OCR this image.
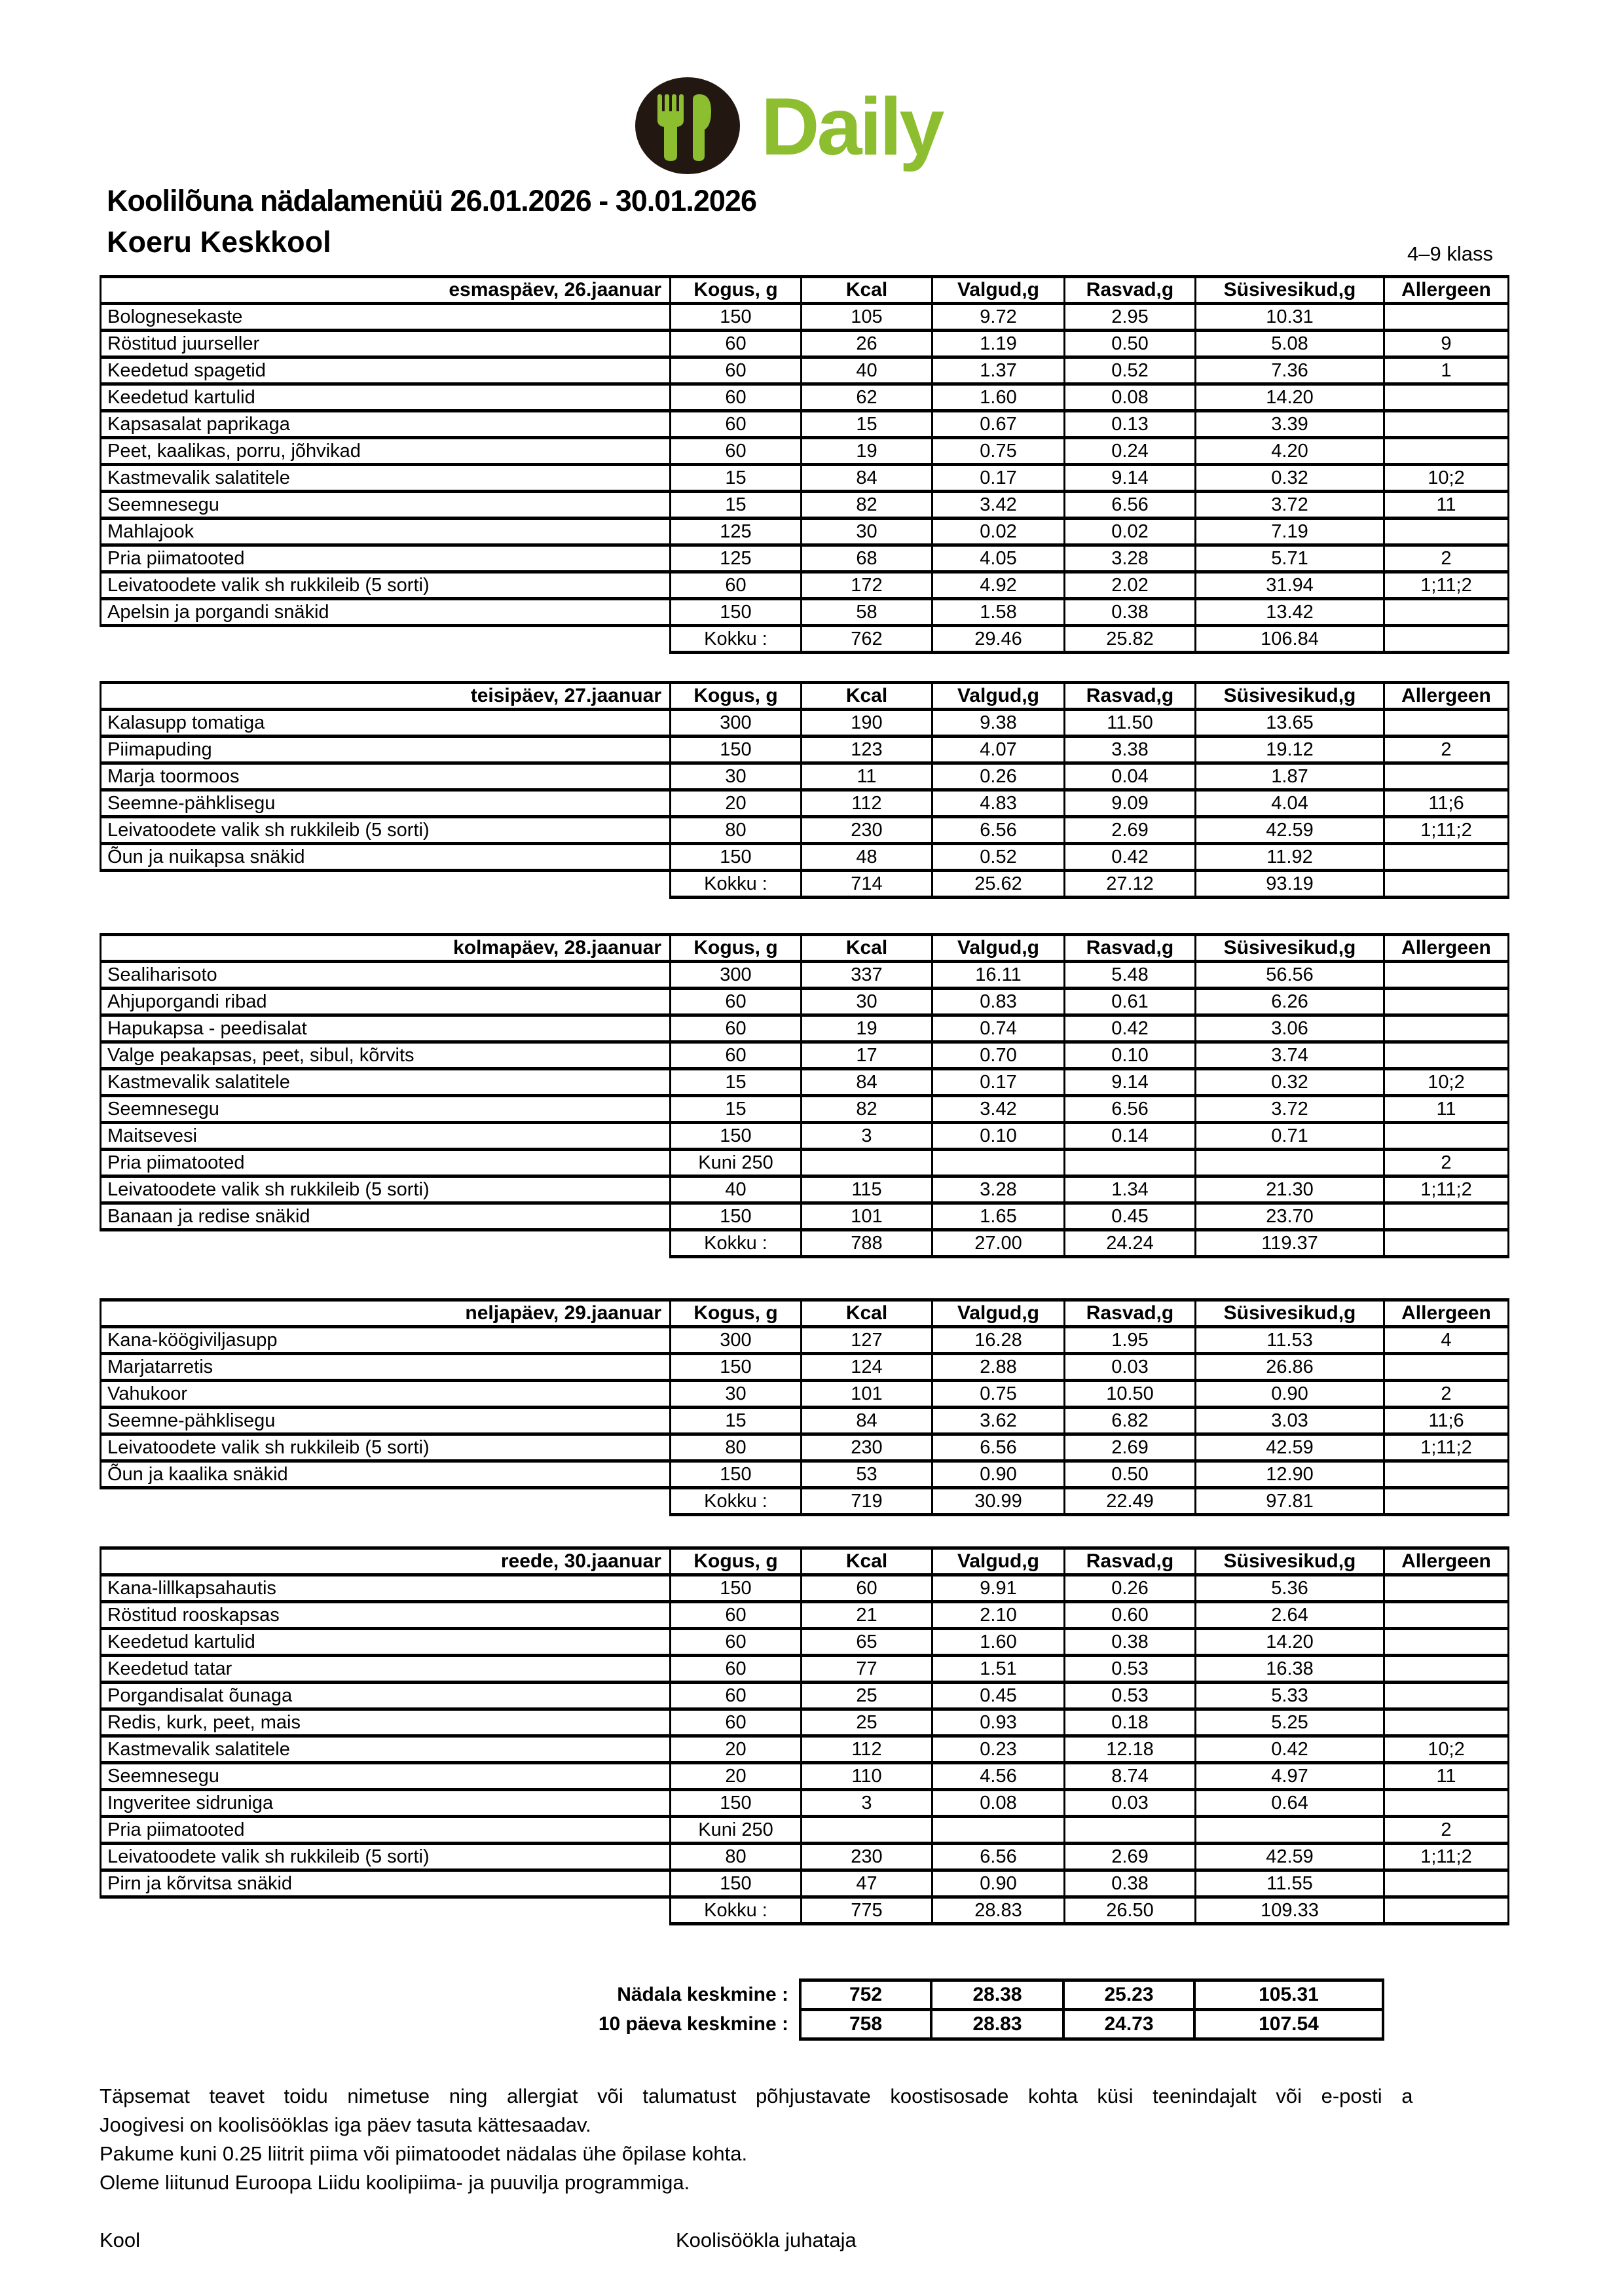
Daily
Koolilõuna nädalamenüü 26.01.2026 - 30.01.2026
Koeru Keskkool	4–9 klass
esmaspäev, 26.jaanuar	Kogus, g	Kcal	Valgud,g	Rasvad,g	Süsivesikud,g	Allergeen
Bolognesekaste	150	105	9.72	2.95	10.31	
Röstitud juurseller	60	26	1.19	0.50	5.08	9
Keedetud spagetid	60	40	1.37	0.52	7.36	1
Keedetud kartulid	60	62	1.60	0.08	14.20	
Kapsasalat paprikaga	60	15	0.67	0.13	3.39	
Peet, kaalikas, porru, jõhvikad	60	19	0.75	0.24	4.20	
Kastmevalik salatitele	15	84	0.17	9.14	0.32	10;2
Seemnesegu	15	82	3.42	6.56	3.72	11
Mahlajook	125	30	0.02	0.02	7.19	
Pria piimatooted	125	68	4.05	3.28	5.71	2
Leivatoodete valik sh rukkileib (5 sorti)	60	172	4.92	2.02	31.94	1;11;2
Apelsin ja porgandi snäkid	150	58	1.58	0.38	13.42	
	Kokku :	762	29.46	25.82	106.84	
teisipäev, 27.jaanuar	Kogus, g	Kcal	Valgud,g	Rasvad,g	Süsivesikud,g	Allergeen
Kalasupp tomatiga	300	190	9.38	11.50	13.65	
Piimapuding	150	123	4.07	3.38	19.12	2
Marja toormoos	30	11	0.26	0.04	1.87	
Seemne-pähklisegu	20	112	4.83	9.09	4.04	11;6
Leivatoodete valik sh rukkileib (5 sorti)	80	230	6.56	2.69	42.59	1;11;2
Õun ja nuikapsa snäkid	150	48	0.52	0.42	11.92	
	Kokku :	714	25.62	27.12	93.19	
kolmapäev, 28.jaanuar	Kogus, g	Kcal	Valgud,g	Rasvad,g	Süsivesikud,g	Allergeen
Sealiharisoto	300	337	16.11	5.48	56.56	
Ahjuporgandi ribad	60	30	0.83	0.61	6.26	
Hapukapsa - peedisalat	60	19	0.74	0.42	3.06	
Valge peakapsas, peet, sibul, kõrvits	60	17	0.70	0.10	3.74	
Kastmevalik salatitele	15	84	0.17	9.14	0.32	10;2
Seemnesegu	15	82	3.42	6.56	3.72	11
Maitsevesi	150	3	0.10	0.14	0.71	
Pria piimatooted	Kuni 250					2
Leivatoodete valik sh rukkileib (5 sorti)	40	115	3.28	1.34	21.30	1;11;2
Banaan ja redise snäkid	150	101	1.65	0.45	23.70	
	Kokku :	788	27.00	24.24	119.37	
neljapäev, 29.jaanuar	Kogus, g	Kcal	Valgud,g	Rasvad,g	Süsivesikud,g	Allergeen
Kana-köögiviljasupp	300	127	16.28	1.95	11.53	4
Marjatarretis	150	124	2.88	0.03	26.86	
Vahukoor	30	101	0.75	10.50	0.90	2
Seemne-pähklisegu	15	84	3.62	6.82	3.03	11;6
Leivatoodete valik sh rukkileib (5 sorti)	80	230	6.56	2.69	42.59	1;11;2
Õun ja kaalika snäkid	150	53	0.90	0.50	12.90	
	Kokku :	719	30.99	22.49	97.81	
reede, 30.jaanuar	Kogus, g	Kcal	Valgud,g	Rasvad,g	Süsivesikud,g	Allergeen
Kana-lillkapsahautis	150	60	9.91	0.26	5.36	
Röstitud rooskapsas	60	21	2.10	0.60	2.64	
Keedetud kartulid	60	65	1.60	0.38	14.20	
Keedetud tatar	60	77	1.51	0.53	16.38	
Porgandisalat õunaga	60	25	0.45	0.53	5.33	
Redis, kurk, peet, mais	60	25	0.93	0.18	5.25	
Kastmevalik salatitele	20	112	0.23	12.18	0.42	10;2
Seemnesegu	20	110	4.56	8.74	4.97	11
Ingveritee sidruniga	150	3	0.08	0.03	0.64	
Pria piimatooted	Kuni 250					2
Leivatoodete valik sh rukkileib (5 sorti)	80	230	6.56	2.69	42.59	1;11;2
Pirn ja kõrvitsa snäkid	150	47	0.90	0.38	11.55	
	Kokku :	775	28.83	26.50	109.33	
Nädala keskmine :	752	28.38	25.23	105.31
10 päeva keskmine :	758	28.83	24.73	107.54
Täpsemat teavet toidu nimetuse ning allergiat või talumatust põhjustavate koostisosade kohta küsi teenindajalt või e-posti a
Joogivesi on koolisööklas iga päev tasuta kättesaadav.
Pakume kuni 0.25 liitrit piima või piimatoodet nädalas ühe õpilase kohta.
Oleme liitunud Euroopa Liidu koolipiima- ja puuvilja programmiga.
Kool	Koolisöökla juhataja
